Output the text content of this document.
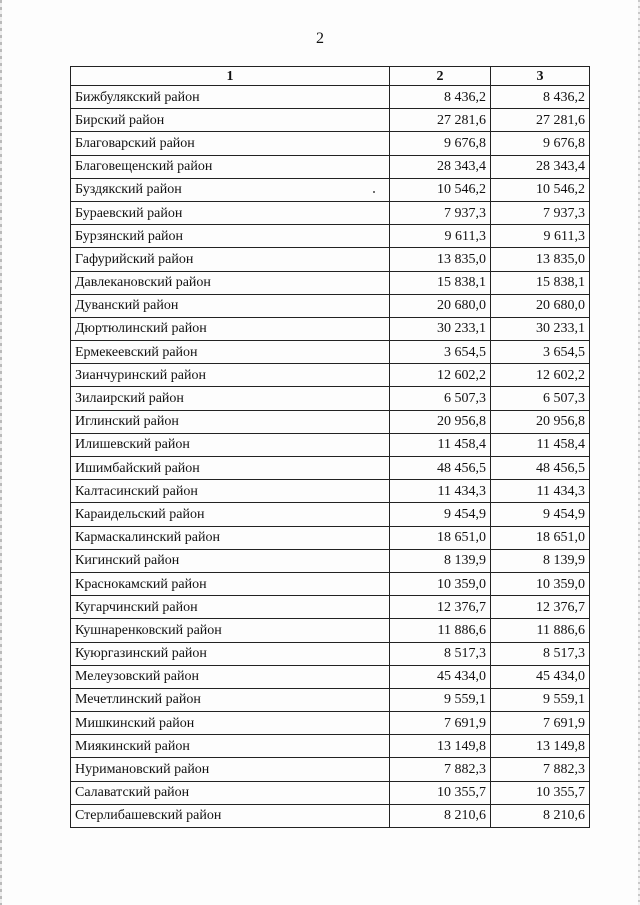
2
1	2	3
Бижбулякский район	8 436,2	8 436,2
Бирский район	27 281,6	27 281,6
Благоварский район	9 676,8	9 676,8
Благовещенский район	28 343,4	28 343,4
Буздякский район	10 546,2	10 546,2
Бураевский район	7 937,3	7 937,3
Бурзянский район	9 611,3	9 611,3
Гафурийский район	13 835,0	13 835,0
Давлекановский район	15 838,1	15 838,1
Дуванский район	20 680,0	20 680,0
Дюртюлинский район	30 233,1	30 233,1
Ермекеевский район	3 654,5	3 654,5
Зианчуринский район	12 602,2	12 602,2
Зилаирский район	6 507,3	6 507,3
Иглинский район	20 956,8	20 956,8
Илишевский район	11 458,4	11 458,4
Ишимбайский район	48 456,5	48 456,5
Калтасинский район	11 434,3	11 434,3
Караидельский район	9 454,9	9 454,9
Кармаскалинский район	18 651,0	18 651,0
Кигинский район	8 139,9	8 139,9
Краснокамский район	10 359,0	10 359,0
Кугарчинский район	12 376,7	12 376,7
Кушнаренковский район	11 886,6	11 886,6
Куюргазинский район	8 517,3	8 517,3
Мелеузовский район	45 434,0	45 434,0
Мечетлинский район	9 559,1	9 559,1
Мишкинский район	7 691,9	7 691,9
Миякинский район	13 149,8	13 149,8
Нуримановский район	7 882,3	7 882,3
Салаватский район	10 355,7	10 355,7
Стерлибашевский район	8 210,6	8 210,6
